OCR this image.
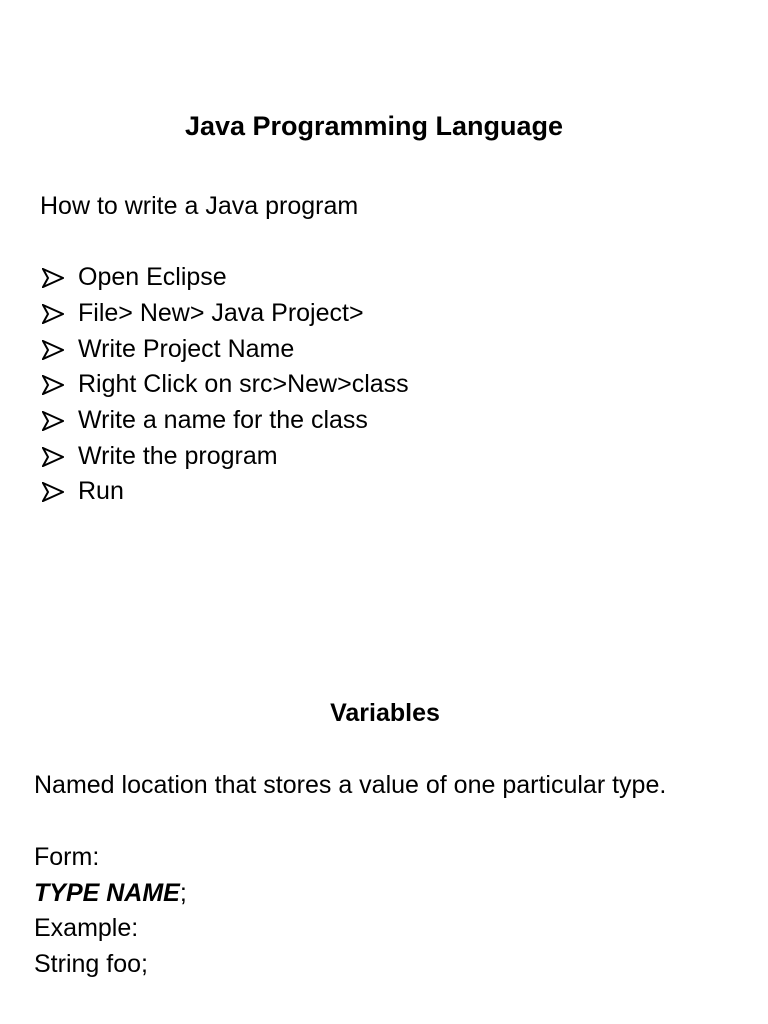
Java Programming Language

How to write a Java program

Open Eclipse
File> New> Java Project>
Write Project Name
Right Click on src>New>class
Write a name for the class
Write the program
Run
Variables

Named location that stores a value of one particular type.

Form:
TYPE NAME;
Example:
String foo;
